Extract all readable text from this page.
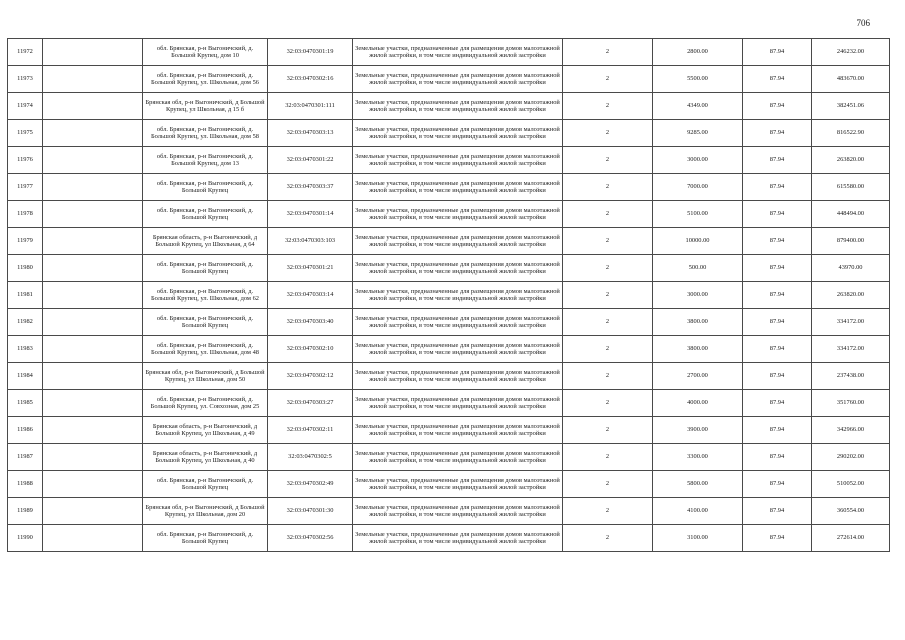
706
11972		обл. Брянская, р-н Выгоничский, д. Большой Крупец, дом 10	32:03:0470301:19	Земельные участки, предназначенные для размещения домов малоэтажной жилой застройки, в том числе индивидуальной жилой застройки	2	2800.00	87.94	246232.00
11973		обл. Брянская, р-н Выгоничский, д. Большой Крупец, ул. Школьная, дом 56	32:03:0470302:16	Земельные участки, предназначенные для размещения домов малоэтажной жилой застройки, в том числе индивидуальной жилой застройки	2	5500.00	87.94	483670.00
11974		Брянская обл, р-н Выгоничский, д Большой Крупец, ул Школьная, д 15 б	32:03:0470301:111	Земельные участки, предназначенные для размещения домов малоэтажной жилой застройки, в том числе индивидуальной жилой застройки	2	4349.00	87.94	382451.06
11975		обл. Брянская, р-н Выгоничский, д. Большой Крупец, ул. Школьная, дом 58	32:03:0470303:13	Земельные участки, предназначенные для размещения домов малоэтажной жилой застройки, в том числе индивидуальной жилой застройки	2	9285.00	87.94	816522.90
11976		обл. Брянская, р-н Выгоничский, д. Большой Крупец, дом 13	32:03:0470301:22	Земельные участки, предназначенные для размещения домов малоэтажной жилой застройки, в том числе индивидуальной жилой застройки	2	3000.00	87.94	263820.00
11977		обл. Брянская, р-н Выгоничский, д. Большой Крупец	32:03:0470303:37	Земельные участки, предназначенные для размещения домов малоэтажной жилой застройки, в том числе индивидуальной жилой застройки	2	7000.00	87.94	615580.00
11978		обл. Брянская, р-н Выгоничский, д. Большой Крупец	32:03:0470301:14	Земельные участки, предназначенные для размещения домов малоэтажной жилой застройки, в том числе индивидуальной жилой застройки	2	5100.00	87.94	448494.00
11979		Брянская область, р-н Выгоничский, д Большой Крупец, ул Школьная, д 64	32:03:0470303:103	Земельные участки, предназначенные для размещения домов малоэтажной жилой застройки, в том числе индивидуальной жилой застройки	2	10000.00	87.94	879400.00
11980		обл. Брянская, р-н Выгоничский, д. Большой Крупец	32:03:0470301:21	Земельные участки, предназначенные для размещения домов малоэтажной жилой застройки, в том числе индивидуальной жилой застройки	2	500.00	87.94	43970.00
11981		обл. Брянская, р-н Выгоничский, д. Большой Крупец, ул. Школьная, дом 62	32:03:0470303:14	Земельные участки, предназначенные для размещения домов малоэтажной жилой застройки, в том числе индивидуальной жилой застройки	2	3000.00	87.94	263820.00
11982		обл. Брянская, р-н Выгоничский, д. Большой Крупец	32:03:0470303:40	Земельные участки, предназначенные для размещения домов малоэтажной жилой застройки, в том числе индивидуальной жилой застройки	2	3800.00	87.94	334172.00
11983		обл. Брянская, р-н Выгоничский, д. Большой Крупец, ул. Школьная, дом 48	32:03:0470302:10	Земельные участки, предназначенные для размещения домов малоэтажной жилой застройки, в том числе индивидуальной жилой застройки	2	3800.00	87.94	334172.00
11984		Брянская обл, р-н Выгоничский, д Большой Крупец, ул Школьная, дом 50	32:03:0470302:12	Земельные участки, предназначенные для размещения домов малоэтажной жилой застройки, в том числе индивидуальной жилой застройки	2	2700.00	87.94	237438.00
11985		обл. Брянская, р-н Выгоничский, д. Большой Крупец, ул. Совхозная, дом 25	32:03:0470303:27	Земельные участки, предназначенные для размещения домов малоэтажной жилой застройки, в том числе индивидуальной жилой застройки	2	4000.00	87.94	351760.00
11986		Брянская область, р-н Выгоничский, д Большой Крупец, ул Школьная, д 49	32:03:0470302:11	Земельные участки, предназначенные для размещения домов малоэтажной жилой застройки, в том числе индивидуальной жилой застройки	2	3900.00	87.94	342966.00
11987		Брянская область, р-н Выгоничский, д Большой Крупец, ул Школьная, д 40	32:03:0470302:5	Земельные участки, предназначенные для размещения домов малоэтажной жилой застройки, в том числе индивидуальной жилой застройки	2	3300.00	87.94	290202.00
11988		обл. Брянская, р-н Выгоничский, д. Большой Крупец	32:03:0470302:49	Земельные участки, предназначенные для размещения домов малоэтажной жилой застройки, в том числе индивидуальной жилой застройки	2	5800.00	87.94	510052.00
11989		Брянская обл, р-н Выгоничский, д Большой Крупец, ул Школьная, дом 20	32:03:0470301:30	Земельные участки, предназначенные для размещения домов малоэтажной жилой застройки, в том числе индивидуальной жилой застройки	2	4100.00	87.94	360554.00
11990		обл. Брянская, р-н Выгоничский, д. Большой Крупец	32:03:0470302:56	Земельные участки, предназначенные для размещения домов малоэтажной жилой застройки, в том числе индивидуальной жилой застройки	2	3100.00	87.94	272614.00
